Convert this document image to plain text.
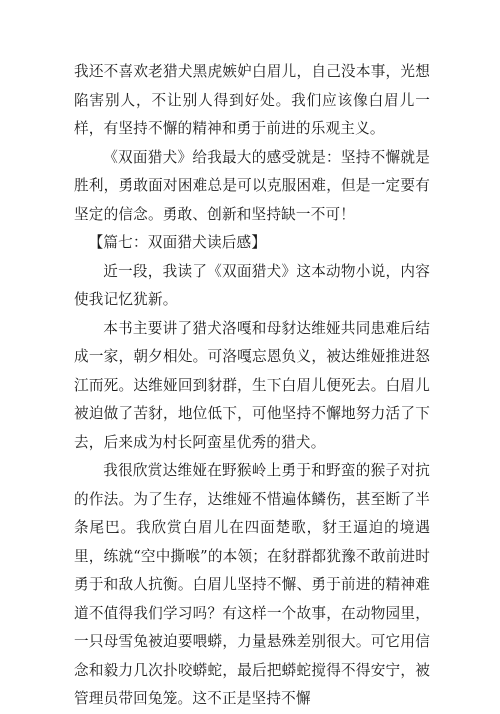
我还不喜欢老猎犬黑虎嫉妒白眉儿，自己没本事，光想陷害别人，不让别人得到好处。我们应该像白眉儿一样，有坚持不懈的精神和勇于前进的乐观主义。

《双面猎犬》给我最大的感受就是：坚持不懈就是胜利，勇敢面对困难总是可以克服困难，但是一定要有坚定的信念。勇敢、创新和坚持缺一不可！

【篇七：双面猎犬读后感】

近一段，我读了《双面猎犬》这本动物小说，内容使我记忆犹新。

本书主要讲了猎犬洛嘎和母豺达维娅共同患难后结成一家，朝夕相处。可洛嘎忘恩负义，被达维娅推进怒江而死。达维娅回到豺群，生下白眉儿便死去。白眉儿被迫做了苦豺，地位低下，可他坚持不懈地努力活了下去，后来成为村长阿蛮星优秀的猎犬。

我很欣赏达维娅在野猴岭上勇于和野蛮的猴子对抗的作法。为了生存，达维娅不惜遍体鳞伤，甚至断了半条尾巴。我欣赏白眉儿在四面楚歌，豺王逼迫的境遇里，练就“空中撕喉”的本领；在豺群都犹豫不敢前进时勇于和敌人抗衡。白眉儿坚持不懈、勇于前进的精神难道不值得我们学习吗？有这样一个故事，在动物园里，一只母雪兔被迫要喂蟒，力量悬殊差别很大。可它用信念和毅力几次扑咬蟒蛇，最后把蟒蛇搅得不得安宁，被管理员带回兔笼。这不正是坚持不懈
